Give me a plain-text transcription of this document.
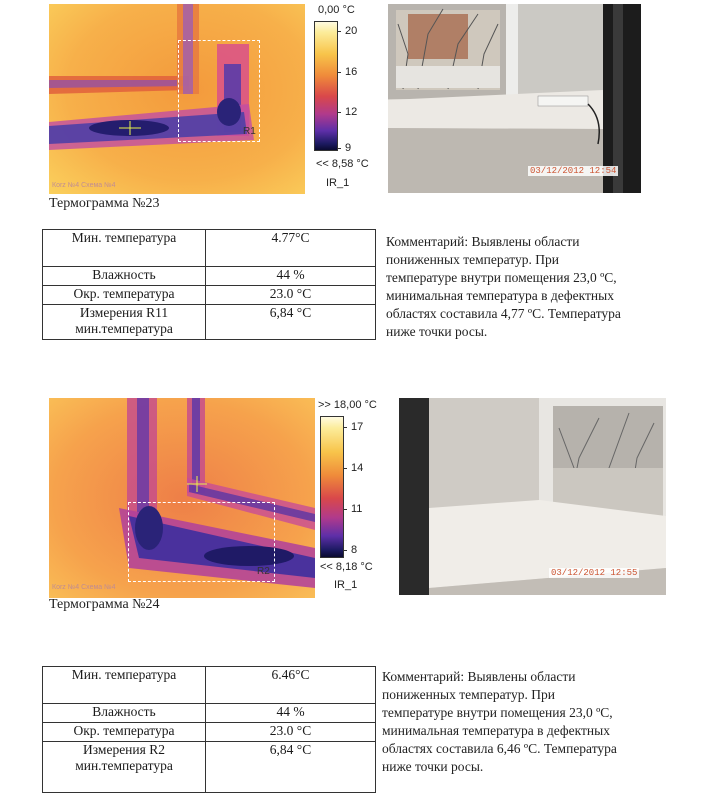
R1
Коrz №4 Схема №4
0,00 °C
20
16
12
9
<< 8,58 °C
IR_1
03/12/2012 12:54
Термограмма №23
Мин. температура	4.77°C
Влажность	44 %
Окр. температура	23.0 °C

Измерения R11
мин.температура	6,84 °C
Комментарий: Выявлены области
пониженных температур. При
температуре внутри помещения 23,0 ºC,
минимальная температура в дефектных
областях составила 4,77 ºC. Температура
ниже точки росы.
R2
Коrz №4 Схема №4
>> 18,00 °C
17
14
11
8
<< 8,18 °C
IR_1
03/12/2012 12:55
Термограмма №24
Мин. температура	6.46°C
Влажность	44 %
Окр. температура	23.0 °C

Измерения R2
мин.температура	6,84 °C
Комментарий: Выявлены области
пониженных температур. При
температуре внутри помещения 23,0 ºC,
минимальная температура в дефектных
областях составила 6,46 ºC. Температура
ниже точки росы.
